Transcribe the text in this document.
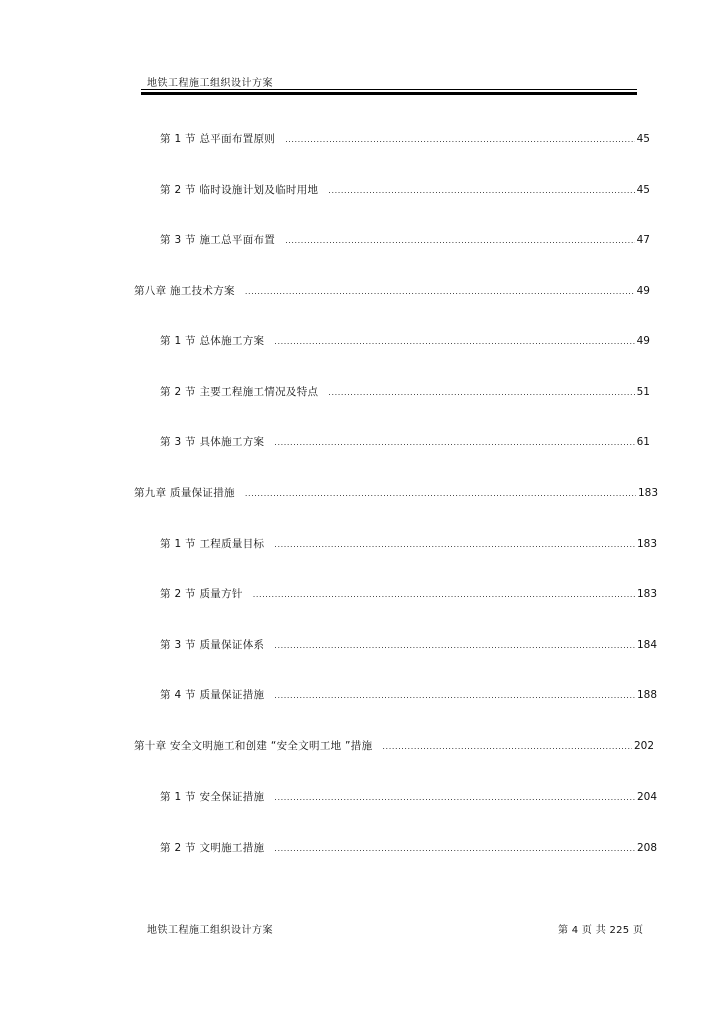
地铁工程施工组织设计方案
第 1 节 总平面布置原则 .....	45
第 2 节 临时设施计划及临时用地 .....	45
第 3 节 施工总平面布置 .....	47
第八章 施工技术方案 .....	49
第 1 节 总体施工方案 .....	49
第 2 节 主要工程施工情况及特点 .....	51
第 3 节 具体施工方案 .....	61
第九章 质量保证措施 .....	183
第 1 节 工程质量目标 .....	183
第 2 节 质量方针 .....	183
第 3 节 质量保证体系 .....	184
第 4 节 质量保证措施 .....	188
第十章 安全文明施工和创建 “安全文明工地 ”措施 .....	202
第 1 节 安全保证措施 .....	204
第 2 节 文明施工措施 .....	208
地铁工程施工组织设计方案	第 4 页 共 225 页
